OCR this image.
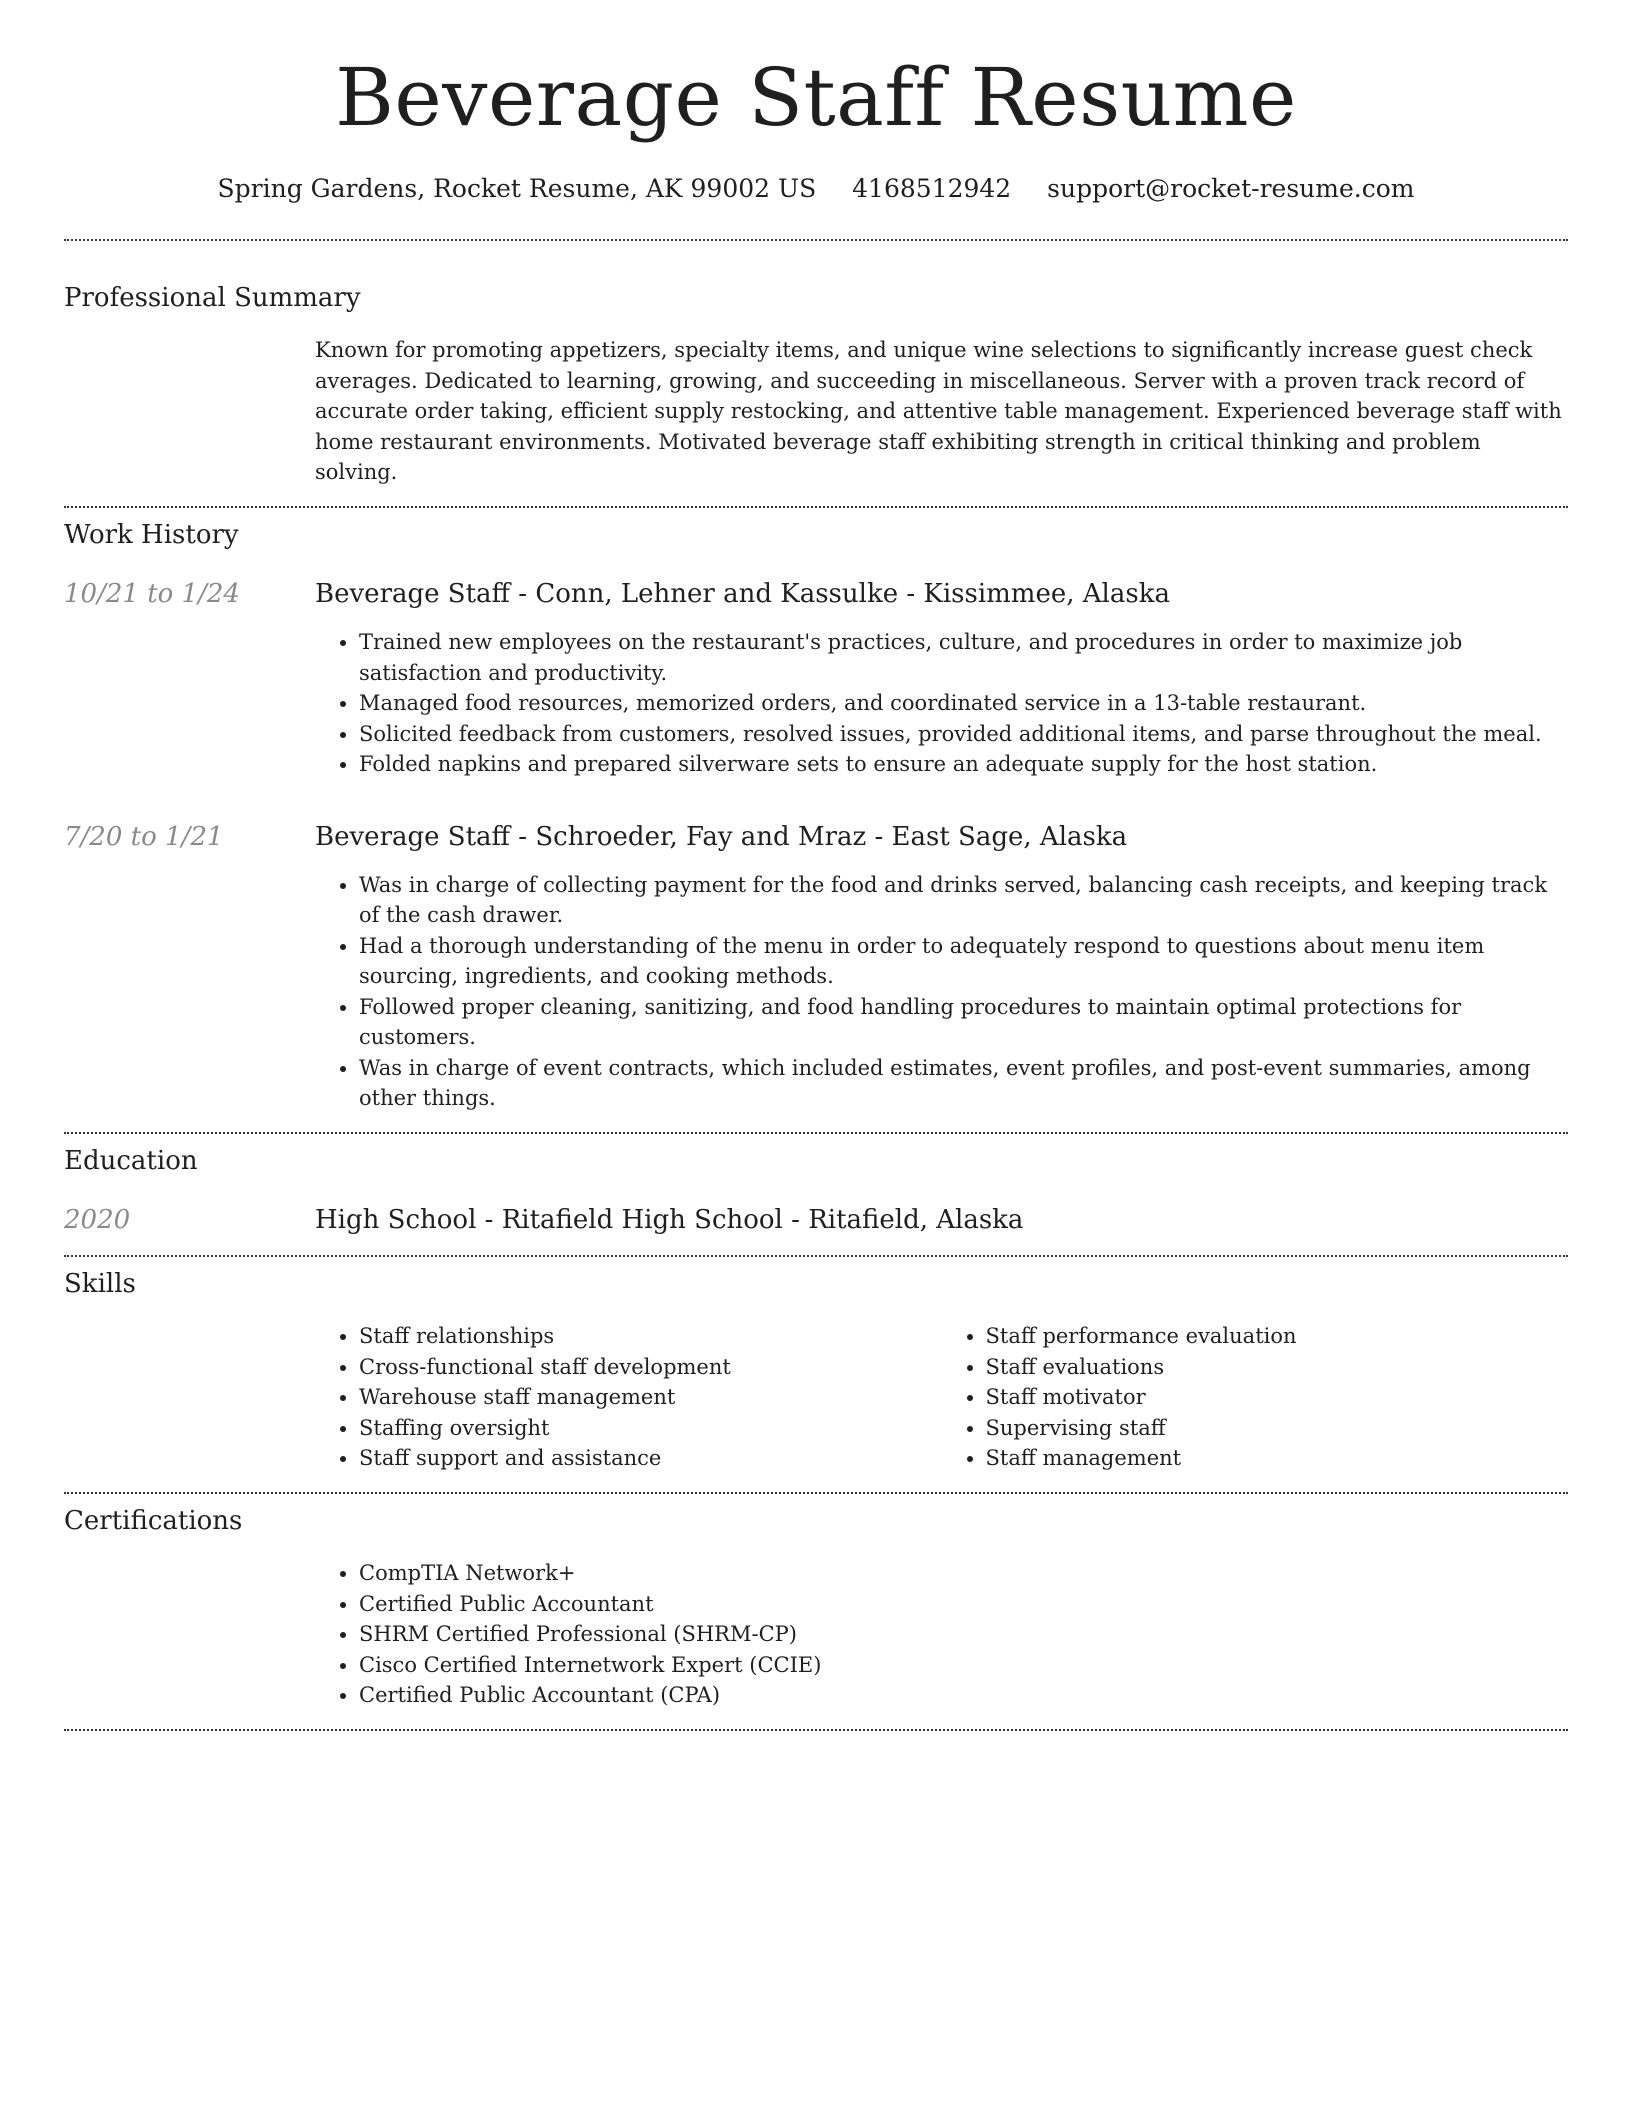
Beverage Staff Resume
Spring Gardens, Rocket Resume, AK 99002 US 4168512942 support@rocket-resume.com
Professional Summary
Known for promoting appetizers, specialty items, and unique wine selections to significantly increase guest check averages. Dedicated to learning, growing, and succeeding in miscellaneous. Server with a proven track record of accurate order taking, efficient supply restocking, and attentive table management. Experienced beverage staff with home restaurant environments. Motivated beverage staff exhibiting strength in critical thinking and problem solving.
Work History
10/21 to 1/24	Beverage Staff - Conn, Lehner and Kassulke - Kissimmee, Alaska
• Trained new employees on the restaurant's practices, culture, and procedures in order to maximize job satisfaction and productivity.
• Managed food resources, memorized orders, and coordinated service in a 13-table restaurant.
• Solicited feedback from customers, resolved issues, provided additional items, and parse throughout the meal.
• Folded napkins and prepared silverware sets to ensure an adequate supply for the host station.
7/20 to 1/21	Beverage Staff - Schroeder, Fay and Mraz - East Sage, Alaska
• Was in charge of collecting payment for the food and drinks served, balancing cash receipts, and keeping track of the cash drawer.
• Had a thorough understanding of the menu in order to adequately respond to questions about menu item sourcing, ingredients, and cooking methods.
• Followed proper cleaning, sanitizing, and food handling procedures to maintain optimal protections for customers.
• Was in charge of event contracts, which included estimates, event profiles, and post-event summaries, among other things.
Education
2020	High School - Ritafield High School - Ritafield, Alaska
Skills
• Staff relationships
• Cross-functional staff development
• Warehouse staff management
• Staffing oversight
• Staff support and assistance
• Staff performance evaluation
• Staff evaluations
• Staff motivator
• Supervising staff
• Staff management
Certifications
• CompTIA Network+
• Certified Public Accountant
• SHRM Certified Professional (SHRM-CP)
• Cisco Certified Internetwork Expert (CCIE)
• Certified Public Accountant (CPA)
